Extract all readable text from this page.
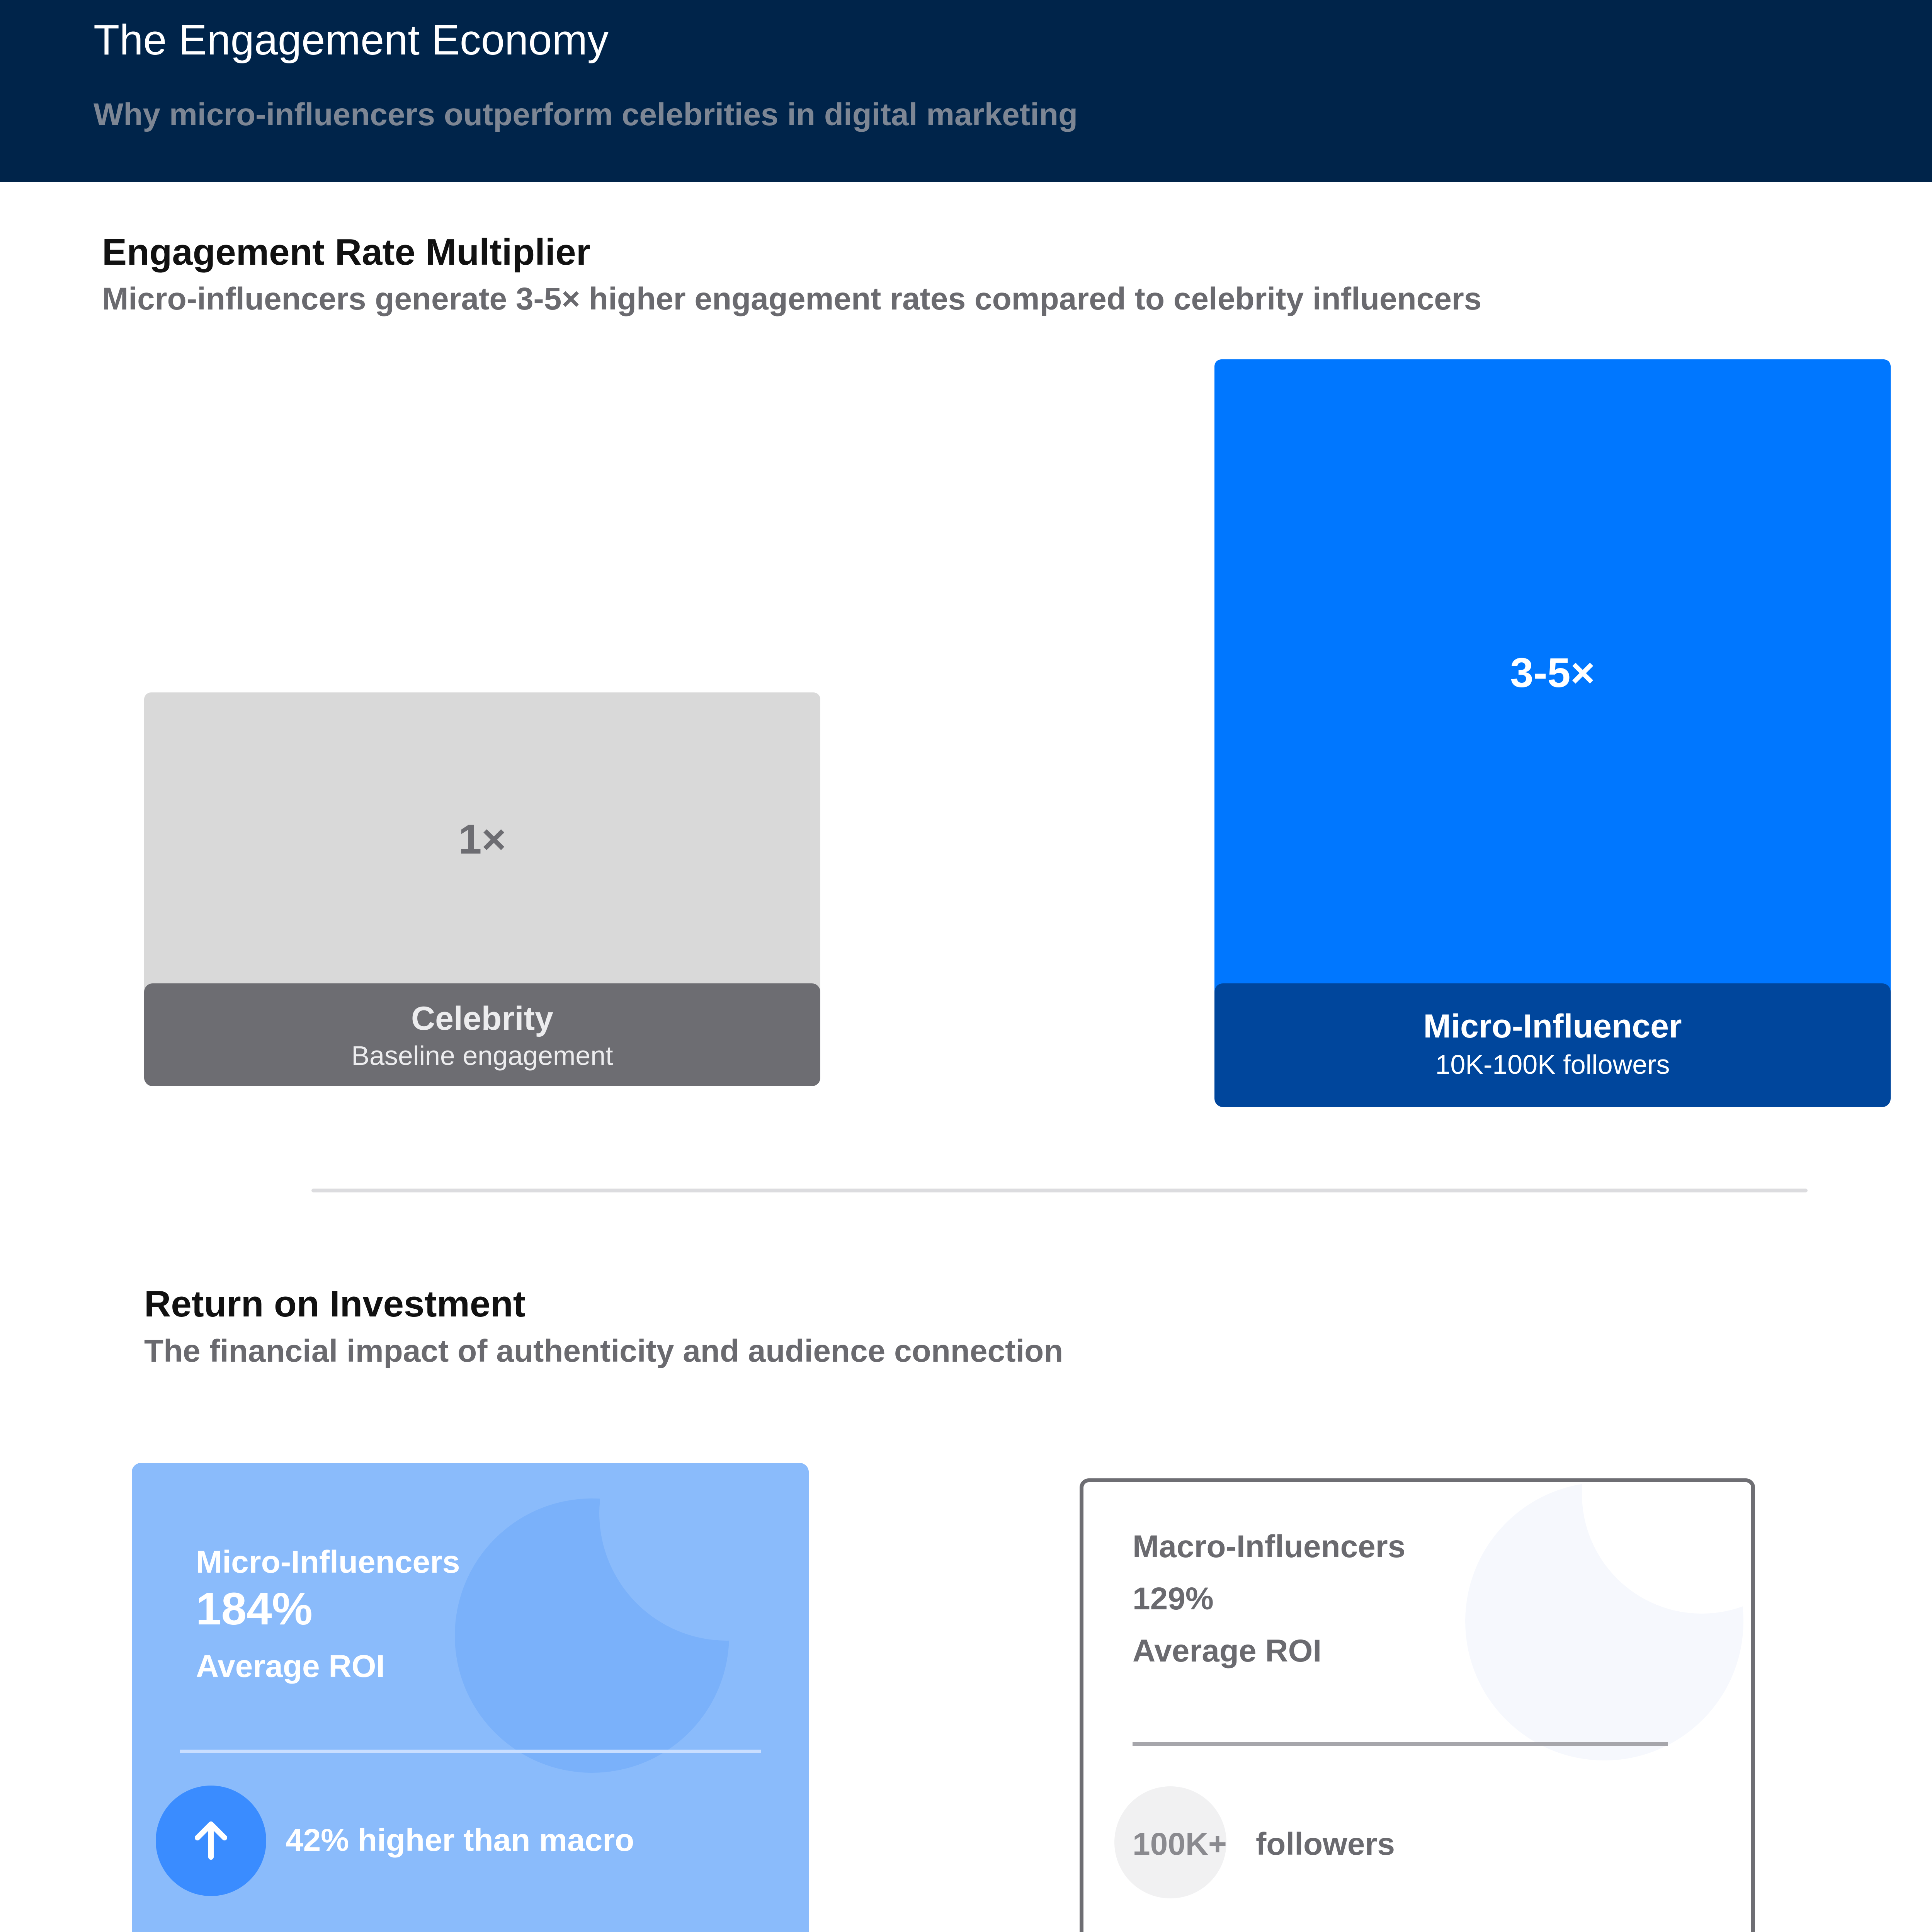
The Engagement Economy
Why micro-influencers outperform celebrities in digital marketing
Engagement Rate Multiplier
Micro-influencers generate 3-5× higher engagement rates compared to celebrity influencers
1×
Celebrity
Baseline engagement
3-5×
Micro-Influencer
10K-100K followers
Return on Investment
The financial impact of authenticity and audience connection
Micro-Influencers
184%
Average ROI
42% higher than macro
Macro-Influencers
129%
Average ROI
100K+ followers
